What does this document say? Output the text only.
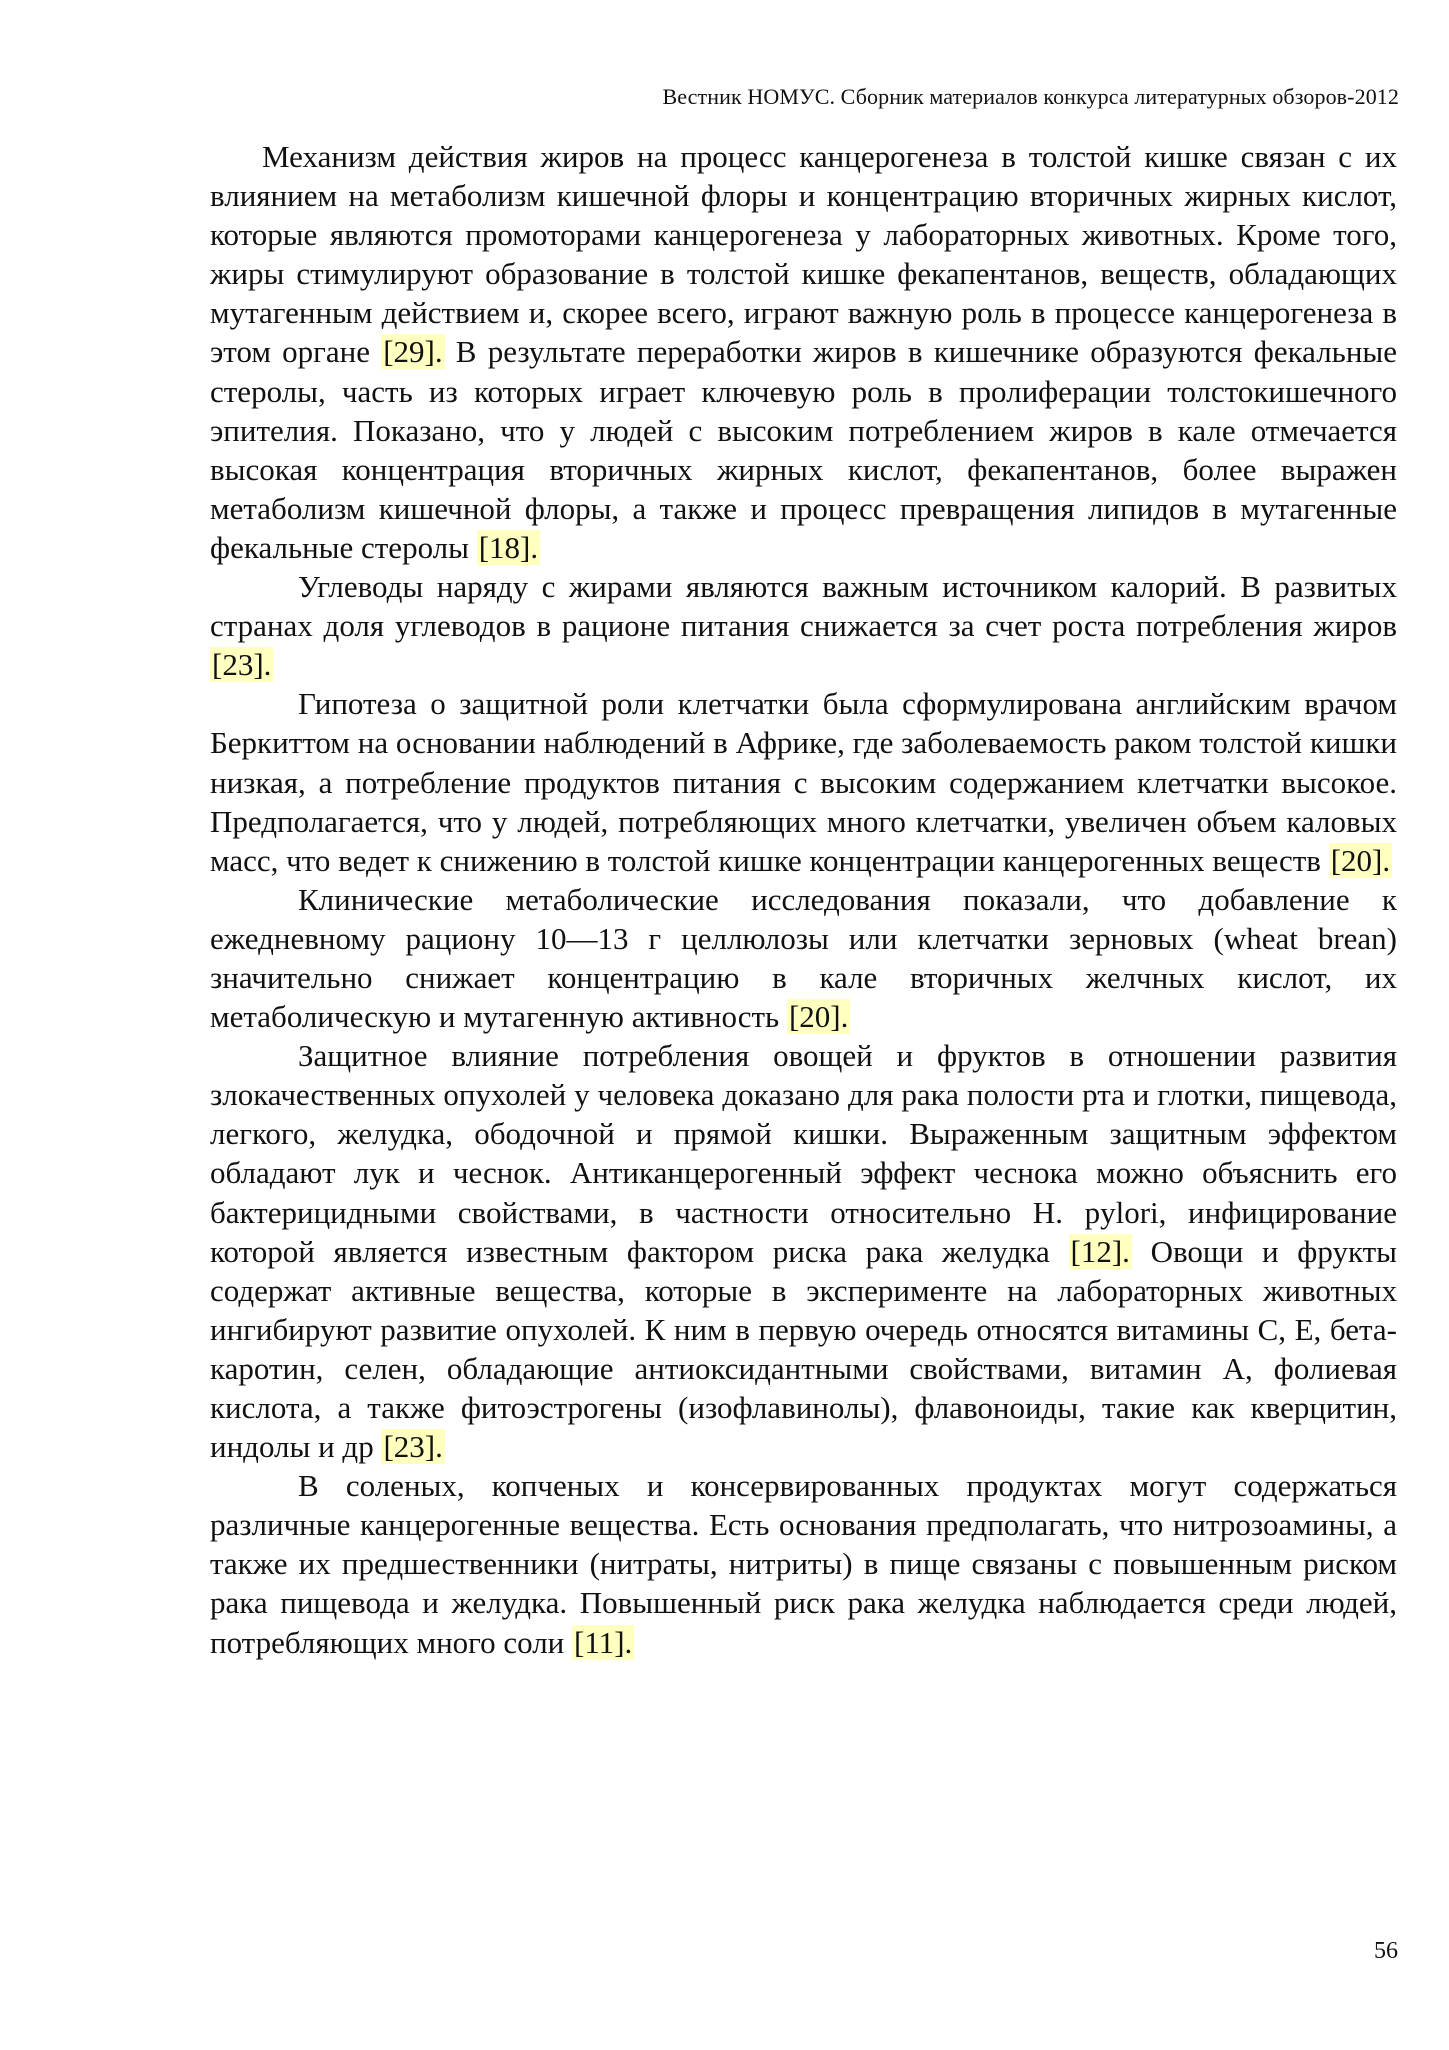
Вестник НОМУС. Сборник материалов конкурса литературных обзоров-2012

Механизм действия жиров на процесс канцерогенеза в толстой кишке связан с их влиянием на метаболизм кишечной флоры и концентрацию вторичных жирных кислот, которые являются промоторами канцерогенеза у лабораторных животных. Кроме того, жиры стимулируют образование в толстой кишке фекапентанов, веществ, обладающих мутагенным действием и, скорее всего, играют важную роль в процессе канцерогенеза в этом органе [29]. В результате переработки жиров в кишечнике образуются фекальные стеролы, часть из которых играет ключевую роль в пролиферации толстокишечного эпителия. Показано, что у людей с высоким потреблением жиров в кале отмечается высокая концентрация вторичных жирных кислот, фекапентанов, более выражен метаболизм кишечной флоры, а также и процесс превращения липидов в мутагенные фекальные стеролы [18].

Углеводы наряду с жирами являются важным источником калорий. В развитых странах доля углеводов в рационе питания снижается за счет роста потребления жиров [23].

Гипотеза о защитной роли клетчатки была сформулирована английским врачом Беркиттом на основании наблюдений в Африке, где заболеваемость раком толстой кишки низкая, а потребление продуктов питания с высоким содержанием клетчатки высокое. Предполагается, что у людей, потребляющих много клетчатки, увеличен объем каловых масс, что ведет к снижению в толстой кишке концентрации канцерогенных веществ [20].

Клинические метаболические исследования показали, что добавление к ежедневному рациону 10—13 г целлюлозы или клетчатки зерновых (wheat brean) значительно снижает концентрацию в кале вторичных желчных кислот, их метаболическую и мутагенную активность [20].

Защитное влияние потребления овощей и фруктов в отношении развития злокачественных опухолей у человека доказано для рака полости рта и глотки, пищевода, легкого, желудка, ободочной и прямой кишки. Выраженным защитным эффектом обладают лук и чеснок. Антиканцерогенный эффект чеснока можно объяснить его бактерицидными свойствами, в частности относительно H. pylori, инфицирование которой является известным фактором риска рака желудка [12]. Овощи и фрукты содержат активные вещества, которые в эксперименте на лабораторных животных ингибируют развитие опухолей. К ним в первую очередь относятся витамины С, Е, бета-каротин, селен, обладающие антиоксидантными свойствами, витамин А, фолиевая кислота, а также фитоэстрогены (изофлавинолы), флавоноиды, такие как кверцитин, индолы и др [23].

В соленых, копченых и консервированных продуктах могут содержаться различные канцерогенные вещества. Есть основания предполагать, что нитрозоамины, а также их предшественники (нитраты, нитриты) в пище связаны с повышенным риском рака пищевода и желудка. Повышенный риск рака желудка наблюдается среди людей, потребляющих много соли [11].

56
